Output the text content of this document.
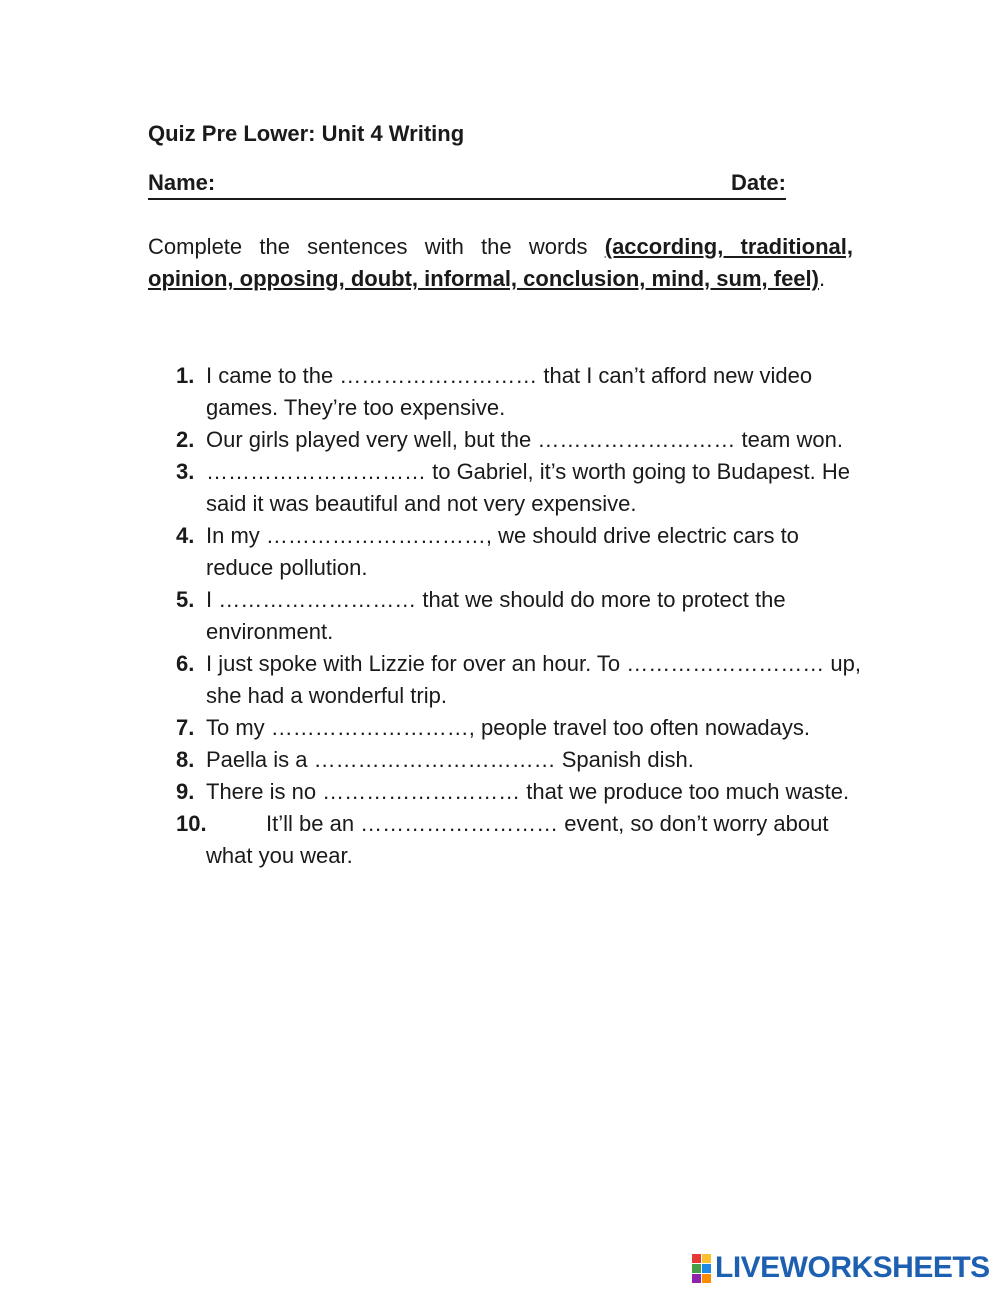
Quiz Pre Lower: Unit 4 Writing
Name:	Date:
Complete the sentences with the words (according, traditional, opinion, opposing, doubt, informal, conclusion, mind, sum, feel).
1. I came to the ……………………… that I can’t afford new video games. They’re too expensive.
2. Our girls played very well, but the ……………………… team won.
3. ………………………… to Gabriel, it’s worth going to Budapest. He said it was beautiful and not very expensive.
4. In my …………………………, we should drive electric cars to reduce pollution.
5. I ……………………… that we should do more to protect the environment.
6. I just spoke with Lizzie for over an hour. To ……………………… up, she had a wonderful trip.
7. To my ………………………, people travel too often nowadays.
8. Paella is a …………………………… Spanish dish.
9. There is no ……………………… that we produce too much waste.
10.	It’ll be an ……………………… event, so don’t worry about
what you wear.
LIVEWORKSHEETS
